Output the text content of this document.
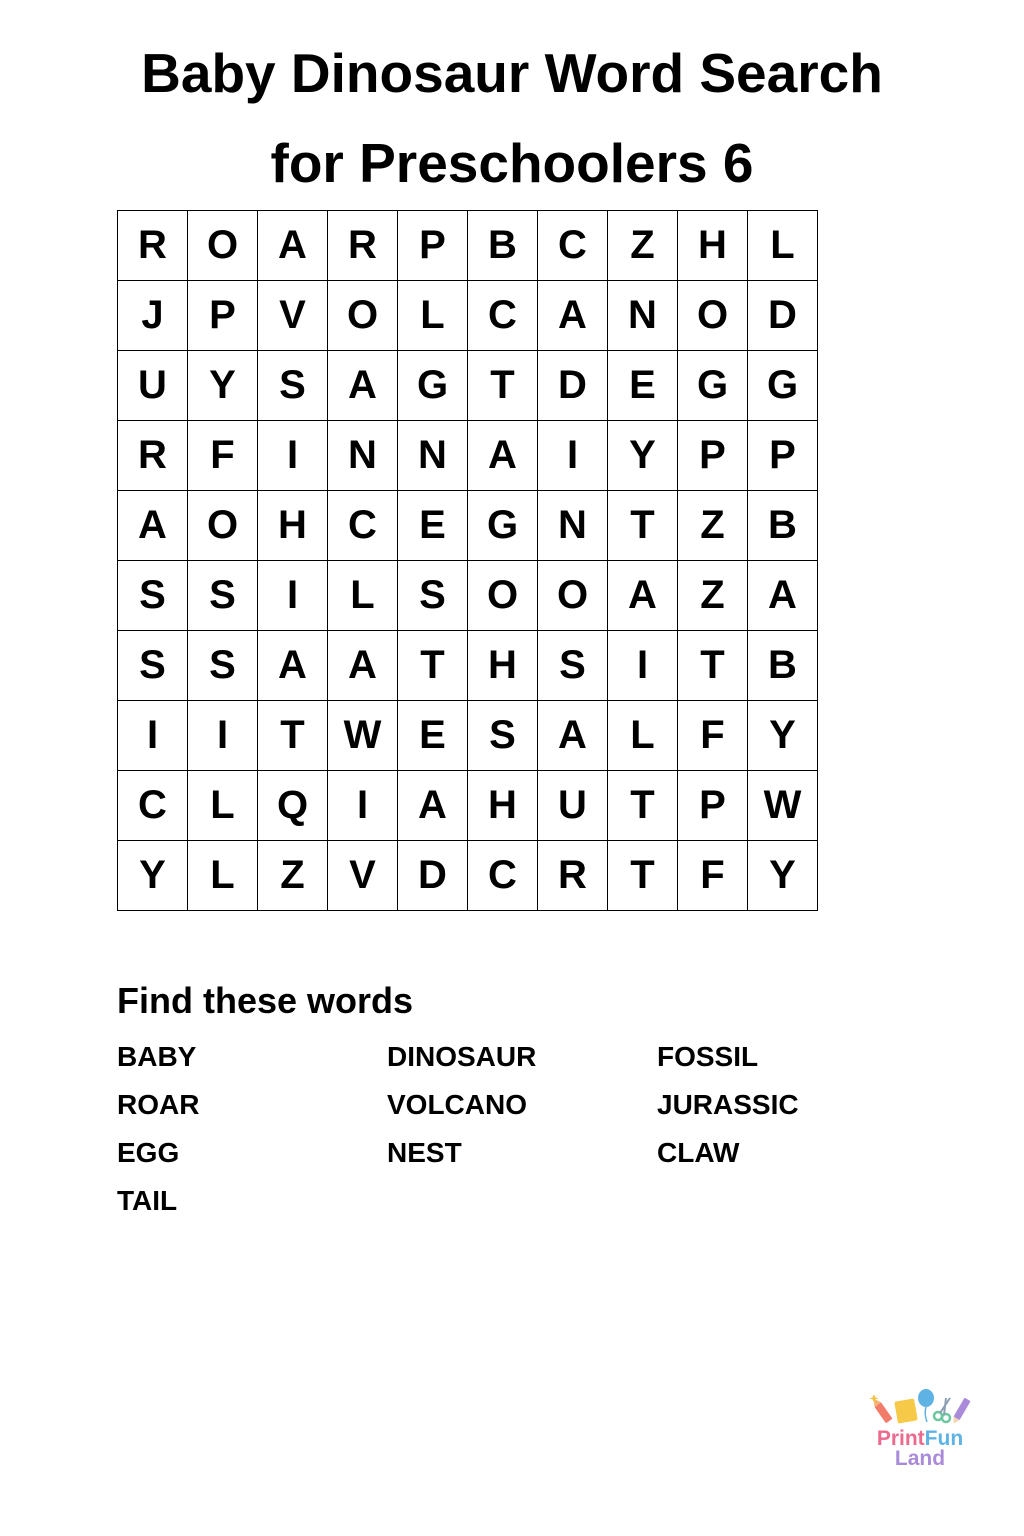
Baby Dinosaur Word Search
for Preschoolers 6
R	O A	R	P	B	C	Z	H	L
J	P	V	O	L	C	A	N	O D
U	Y	S	A	G	T	D	E	G G
R	F	I	N	N	A	I	Y	P	P
A	O H	C	E	G N	T	Z	B
S	S	I	L	S	O O A	Z	A
S	S	A	A	T	H	S	I	T	B
I	I	T W E	S	A	L	F	Y
C	L	Q	I	A	H	U	T	P W
Y	L	Z	V	D	C	R	T	F	Y
Find these words
BABY	DINOSAUR	FOSSIL
ROAR	VOLCANO	JURASSIC
EGG	NEST	CLAW
TAIL
PrintFun
Land
